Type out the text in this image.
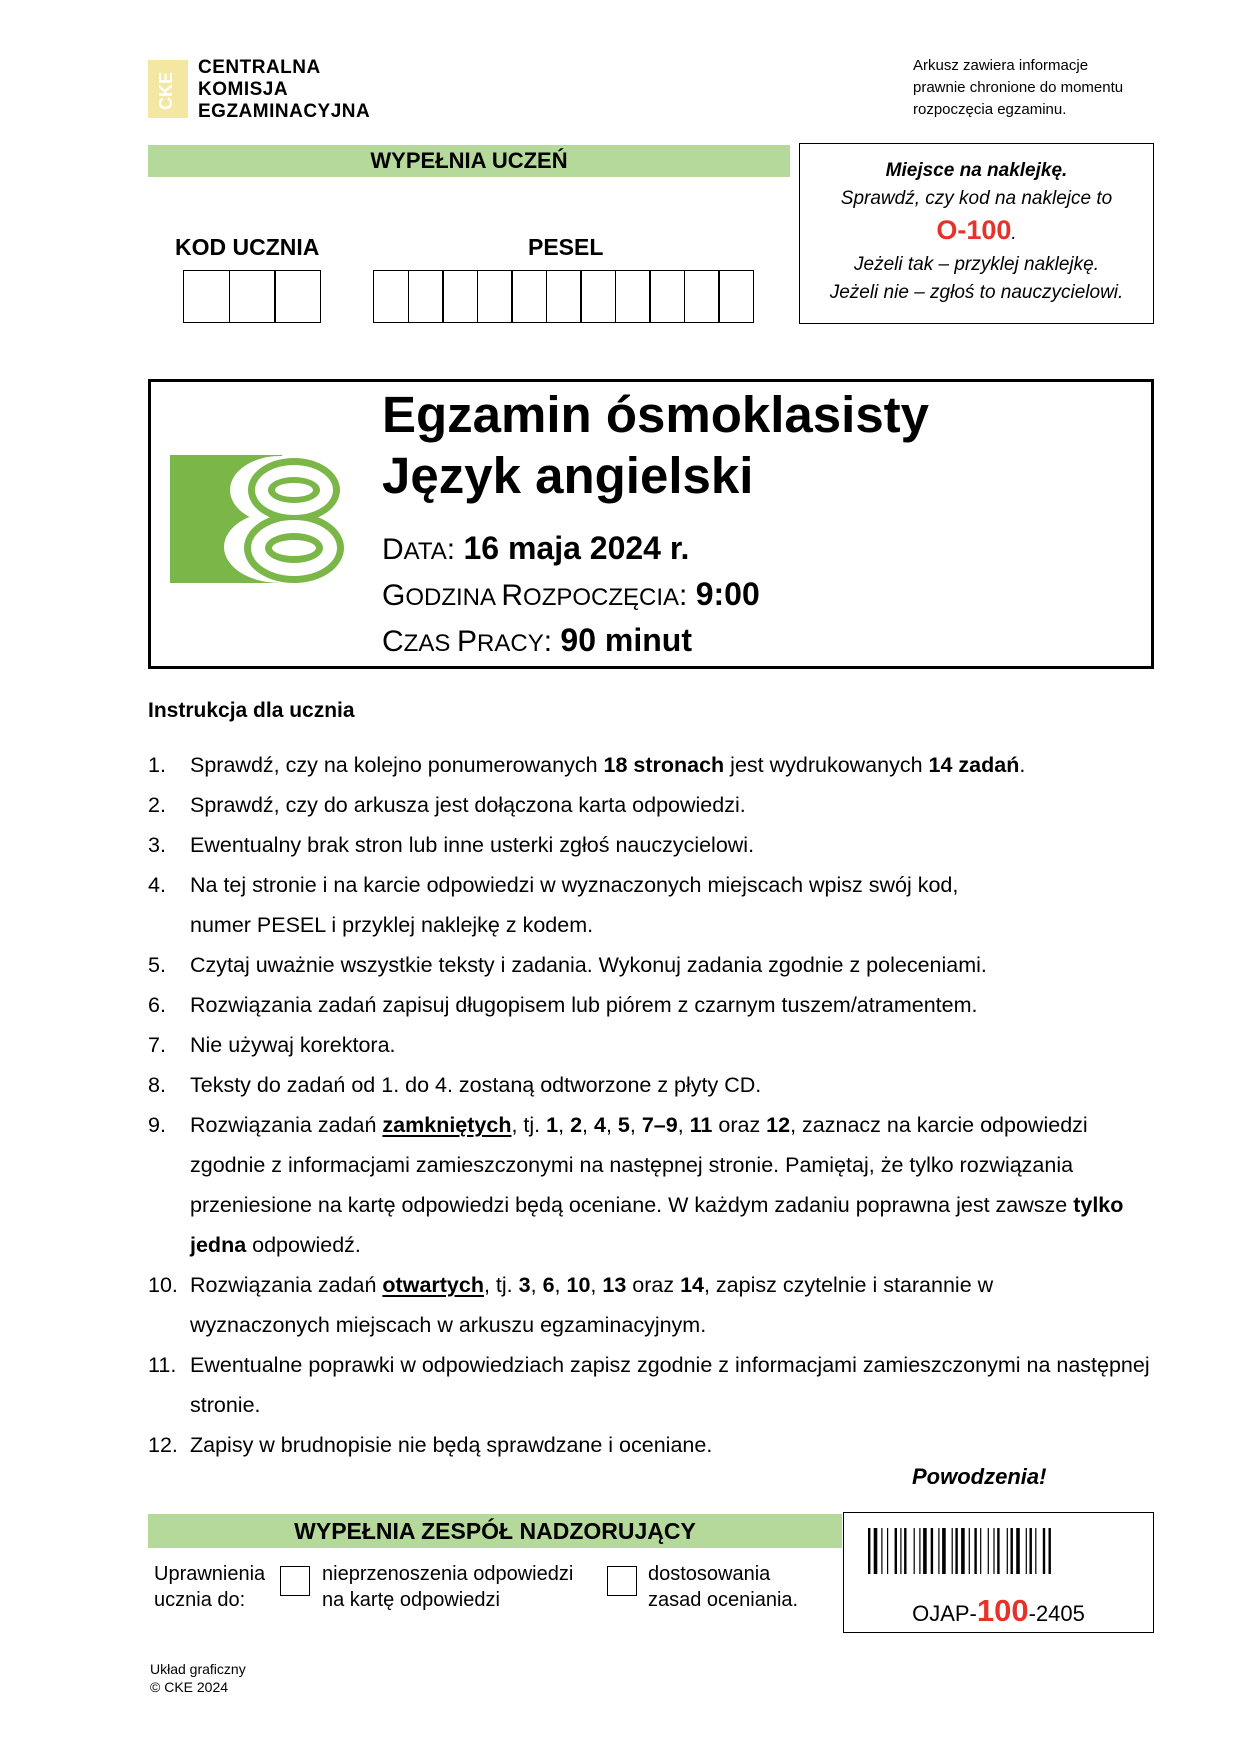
CKE
CENTRALNA
KOMISJA
EGZAMINACYJNA
Arkusz zawiera informacje
prawnie chronione do momentu
rozpoczęcia egzaminu.
WYPEŁNIA UCZEŃ
KOD UCZNIA	PESEL
Miejsce na naklejkę.
Sprawdź, czy kod na naklejce to
O-100.
Jeżeli tak – przyklej naklejkę.
Jeżeli nie – zgłoś to nauczycielowi.
Egzamin ósmoklasisty
Język angielski
DATA: 16 maja 2024 r.
GODZINA ROZPOCZĘCIA: 9:00
CZAS PRACY: 90 minut
Instrukcja dla ucznia
1.	Sprawdź, czy na kolejno ponumerowanych 18 stronach jest wydrukowanych 14 zadań.
2.	Sprawdź, czy do arkusza jest dołączona karta odpowiedzi.
3.	Ewentualny brak stron lub inne usterki zgłoś nauczycielowi.
4.	Na tej stronie i na karcie odpowiedzi w wyznaczonych miejscach wpisz swój kod, numer PESEL i przyklej naklejkę z kodem.
5.	Czytaj uważnie wszystkie teksty i zadania. Wykonuj zadania zgodnie z poleceniami.
6.	Rozwiązania zadań zapisuj długopisem lub piórem z czarnym tuszem/atramentem.
7.	Nie używaj korektora.
8.	Teksty do zadań od 1. do 4. zostaną odtworzone z płyty CD.
9.	Rozwiązania zadań zamkniętych, tj. 1, 2, 4, 5, 7–9, 11 oraz 12, zaznacz na karcie odpowiedzi zgodnie z informacjami zamieszczonymi na następnej stronie. Pamiętaj, że tylko rozwiązania przeniesione na kartę odpowiedzi będą oceniane. W każdym zadaniu poprawna jest zawsze tylko jedna odpowiedź.
10. Rozwiązania zadań otwartych, tj. 3, 6, 10, 13 oraz 14, zapisz czytelnie i starannie w wyznaczonych miejscach w arkuszu egzaminacyjnym.
11. Ewentualne poprawki w odpowiedziach zapisz zgodnie z informacjami zamieszczonymi na następnej stronie.
12. Zapisy w brudnopisie nie będą sprawdzane i oceniane.
Powodzenia!
WYPEŁNIA ZESPÓŁ NADZORUJĄCY
Uprawnienia
ucznia do:
nieprzenoszenia odpowiedzi
na kartę odpowiedzi
dostosowania
zasad oceniania.
OJAP-100-2405
Układ graficzny
© CKE 2024
